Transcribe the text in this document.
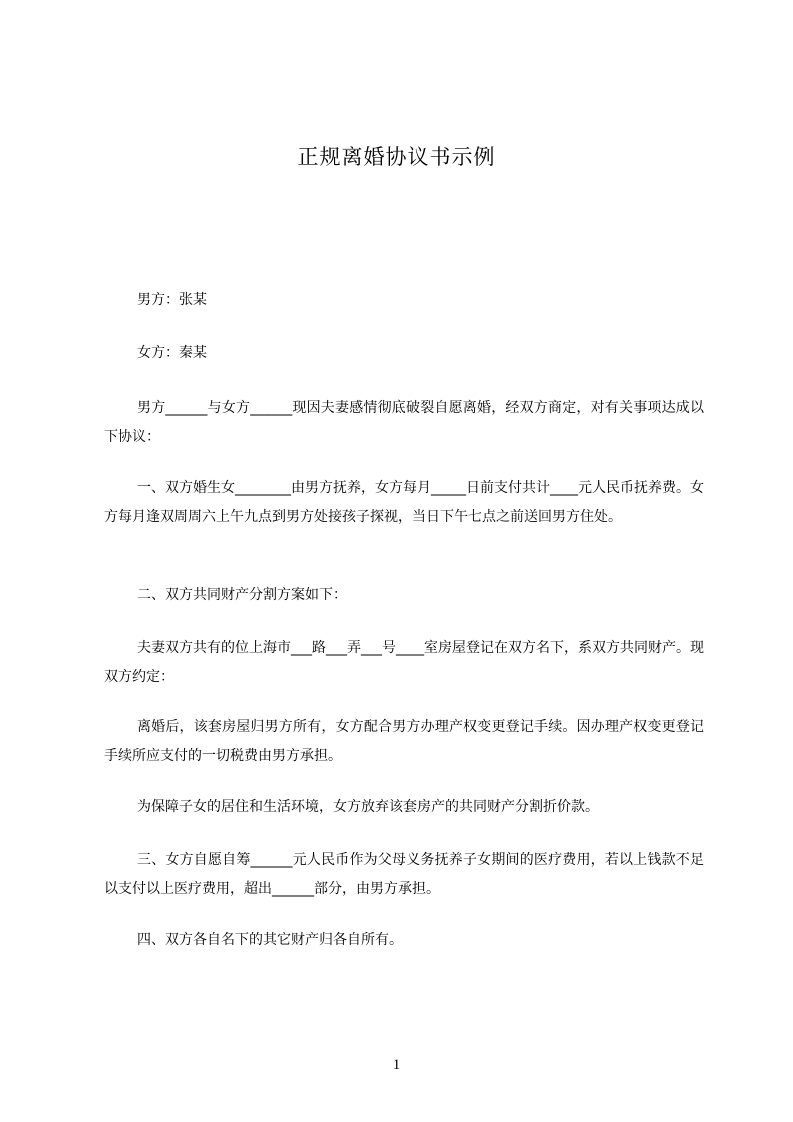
正规离婚协议书示例
男方：张某
女方：秦某
男方______与女方______现因夫妻感情彻底破裂自愿离婚，经双方商定，对有关事项达成以下协议：
一、双方婚生女________由男方抚养，女方每月_____日前支付共计____元人民币抚养费。女方每月逢双周周六上午九点到男方处接孩子探视，当日下午七点之前送回男方住处。
二、双方共同财产分割方案如下：
夫妻双方共有的位上海市___路___弄___号____室房屋登记在双方名下，系双方共同财产。现双方约定：
离婚后，该套房屋归男方所有，女方配合男方办理产权变更登记手续。因办理产权变更登记手续所应支付的一切税费由男方承担。
为保障子女的居住和生活环境，女方放弃该套房产的共同财产分割折价款。
三、女方自愿自筹______元人民币作为父母义务抚养子女期间的医疗费用，若以上钱款不足以支付以上医疗费用，超出______部分，由男方承担。
四、双方各自名下的其它财产归各自所有。
1
